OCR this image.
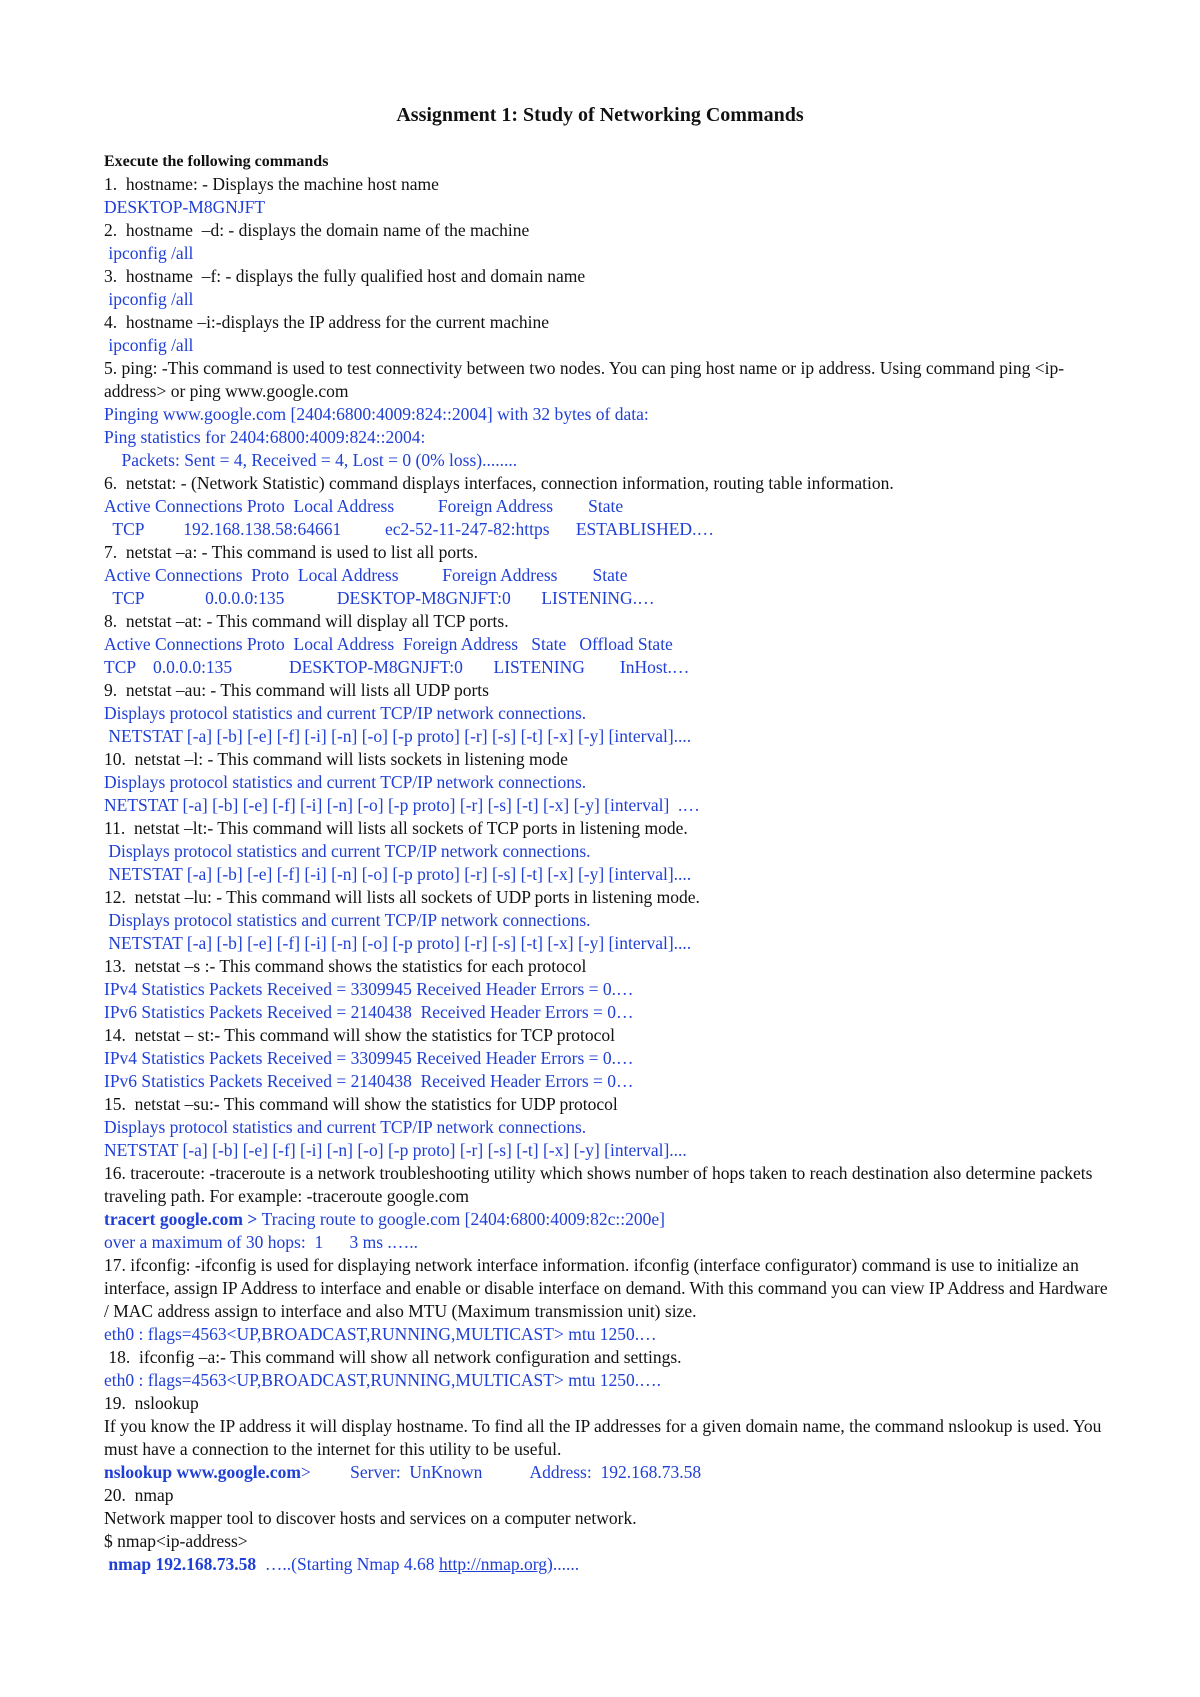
Assignment 1: Study of Networking Commands
Execute the following commands
1.  hostname: - Displays the machine host name
DESKTOP-M8GNJFT
2.  hostname  –d: - displays the domain name of the machine
ipconfig /all
3.  hostname  –f: - displays the fully qualified host and domain name
ipconfig /all
4.  hostname –i:-displays the IP address for the current machine
ipconfig /all
5. ping: -This command is used to test connectivity between two nodes. You can ping host name or ip address. Using command ping <ip-address> or ping www.google.com
Pinging www.google.com [2404:6800:4009:824::2004] with 32 bytes of data:
Ping statistics for 2404:6800:4009:824::2004:
Packets: Sent = 4, Received = 4, Lost = 0 (0% loss)........
6.  netstat: - (Network Statistic) command displays interfaces, connection information, routing table information.
Active Connections Proto  Local Address          Foreign Address        State
TCP         192.168.138.58:64661          ec2-52-11-247-82:https      ESTABLISHED.…
7.  netstat –a: - This command is used to list all ports.
Active Connections  Proto  Local Address          Foreign Address        State
TCP              0.0.0.0:135            DESKTOP-M8GNJFT:0       LISTENING.…
8.  netstat –at: - This command will display all TCP ports.
Active Connections Proto  Local Address  Foreign Address   State   Offload State
TCP    0.0.0.0:135             DESKTOP-M8GNJFT:0       LISTENING        InHost.…
9.  netstat –au: - This command will lists all UDP ports
Displays protocol statistics and current TCP/IP network connections.
NETSTAT [-a] [-b] [-e] [-f] [-i] [-n] [-o] [-p proto] [-r] [-s] [-t] [-x] [-y] [interval]....
10.  netstat –l: - This command will lists sockets in listening mode
Displays protocol statistics and current TCP/IP network connections.
NETSTAT [-a] [-b] [-e] [-f] [-i] [-n] [-o] [-p proto] [-r] [-s] [-t] [-x] [-y] [interval]  .…
11.  netstat –lt:- This command will lists all sockets of TCP ports in listening mode.
Displays protocol statistics and current TCP/IP network connections.
NETSTAT [-a] [-b] [-e] [-f] [-i] [-n] [-o] [-p proto] [-r] [-s] [-t] [-x] [-y] [interval]....
12.  netstat –lu: - This command will lists all sockets of UDP ports in listening mode.
Displays protocol statistics and current TCP/IP network connections.
NETSTAT [-a] [-b] [-e] [-f] [-i] [-n] [-o] [-p proto] [-r] [-s] [-t] [-x] [-y] [interval]....
13.  netstat –s :- This command shows the statistics for each protocol
IPv4 Statistics Packets Received = 3309945 Received Header Errors = 0.…
IPv6 Statistics Packets Received = 2140438  Received Header Errors = 0…
14.  netstat – st:- This command will show the statistics for TCP protocol
IPv4 Statistics Packets Received = 3309945 Received Header Errors = 0.…
IPv6 Statistics Packets Received = 2140438  Received Header Errors = 0…
15.  netstat –su:- This command will show the statistics for UDP protocol
Displays protocol statistics and current TCP/IP network connections.
NETSTAT [-a] [-b] [-e] [-f] [-i] [-n] [-o] [-p proto] [-r] [-s] [-t] [-x] [-y] [interval]....
16. traceroute: -traceroute is a network troubleshooting utility which shows number of hops taken to reach destination also determine packets traveling path. For example: -traceroute google.com
tracert google.com > Tracing route to google.com [2404:6800:4009:82c::200e]
over a maximum of 30 hops:  1      3 ms .…..
17. ifconfig: -ifconfig is used for displaying network interface information. ifconfig (interface configurator) command is use to initialize an interface, assign IP Address to interface and enable or disable interface on demand. With this command you can view IP Address and Hardware / MAC address assign to interface and also MTU (Maximum transmission unit) size.
eth0 : flags=4563<UP,BROADCAST,RUNNING,MULTICAST> mtu 1250.…
18.  ifconfig –a:- This command will show all network configuration and settings.
eth0 : flags=4563<UP,BROADCAST,RUNNING,MULTICAST> mtu 1250.….
19.  nslookup
If you know the IP address it will display hostname. To find all the IP addresses for a given domain name, the command nslookup is used. You must have a connection to the internet for this utility to be useful.
nslookup www.google.com>         Server:  UnKnown           Address:  192.168.73.58
20.  nmap
Network mapper tool to discover hosts and services on a computer network.
$ nmap<ip-address>
nmap 192.168.73.58  …..(Starting Nmap 4.68 http://nmap.org)......
